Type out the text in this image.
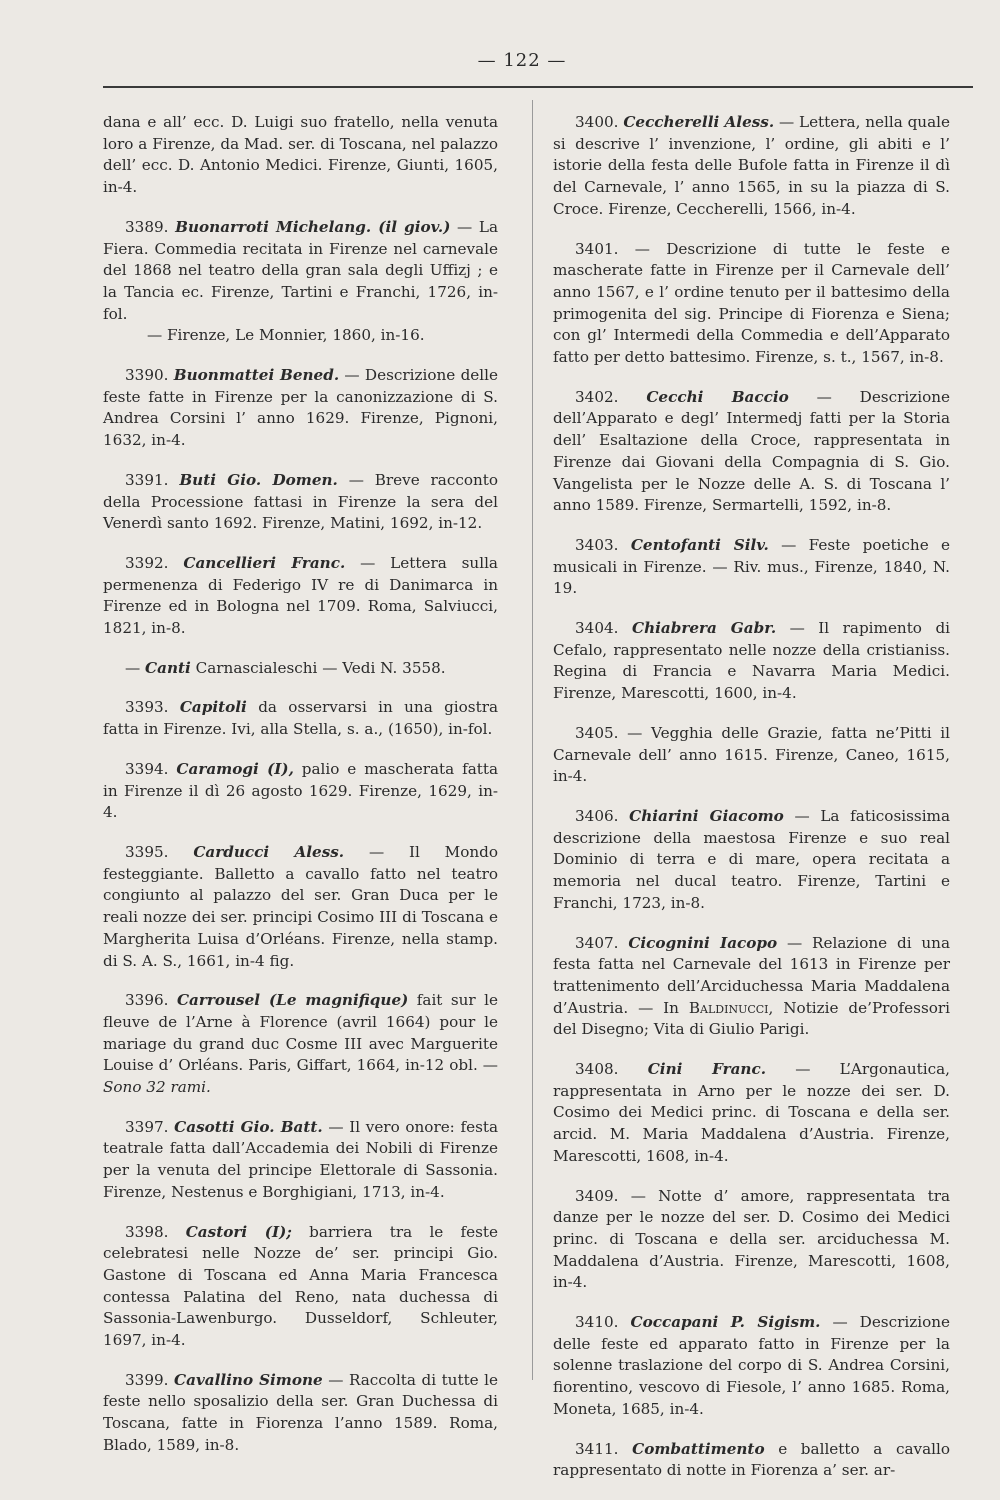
— 122 —

dana e all’ ecc. D. Luigi suo fratello, nella venuta loro a Firenze, da Mad. ser. di Toscana, nel palazzo dell’ ecc. D. Antonio Medici. Firenze, Giunti, 1605, in-4.

3389. Buonarroti Michelang. (il giov.) — La Fiera. Commedia recitata in Firenze nel carnevale del 1868 nel teatro della gran sala degli Uffizj ; e la Tancia ec. Firenze, Tartini e Franchi, 1726, in-fol.
— Firenze, Le Monnier, 1860, in-16.

3390. Buonmattei Bened. — Descrizione delle feste fatte in Firenze per la canonizzazione di S. Andrea Corsini l’ anno 1629. Firenze, Pignoni, 1632, in-4.

3391. Buti Gio. Domen. — Breve racconto della Processione fattasi in Firenze la sera del Venerdì santo 1692. Firenze, Matini, 1692, in-12.

3392. Cancellieri Franc. — Lettera sulla permenenza di Federigo IV re di Danimarca in Firenze ed in Bologna nel 1709. Roma, Salviucci, 1821, in-8.

— Canti Carnascialeschi — Vedi N. 3558.

3393. Capitoli da osservarsi in una giostra fatta in Firenze. Ivi, alla Stella, s. a., (1650), in-fol.

3394. Caramogi (I), palio e mascherata fatta in Firenze il dì 26 agosto 1629. Firenze, 1629, in-4.

3395. Carducci Aless. — Il Mondo festeggiante. Balletto a cavallo fatto nel teatro congiunto al palazzo del ser. Gran Duca per le reali nozze dei ser. principi Cosimo III di Toscana e Margherita Luisa d’Orléans. Firenze, nella stamp. di S. A. S., 1661, in-4 fig.

3396. Carrousel (Le magnifique) fait sur le fleuve de l’Arne à Florence (avril 1664) pour le mariage du grand duc Cosme III avec Marguerite Louise d’ Orléans. Paris, Giffart, 1664, in-12 obl. — Sono 32 rami.

3397. Casotti Gio. Batt. — Il vero onore: festa teatrale fatta dall’Accademia dei Nobili di Firenze per la venuta del principe Elettorale di Sassonia. Firenze, Nestenus e Borghigiani, 1713, in-4.

3398. Castori (I); barriera tra le feste celebratesi nelle Nozze de’ ser. principi Gio. Gastone di Toscana ed Anna Maria Francesca contessa Palatina del Reno, nata duchessa di Sassonia-Lawenburgo. Dusseldorf, Schleuter, 1697, in-4.

3399. Cavallino Simone — Raccolta di tutte le feste nello sposalizio della ser. Gran Duchessa di Toscana, fatte in Fiorenza l’anno 1589. Roma, Blado, 1589, in-8.

3400. Ceccherelli Aless. — Lettera, nella quale si descrive l’ invenzione, l’ ordine, gli abiti e l’ istorie della festa delle Bufole fatta in Firenze il dì del Carnevale, l’ anno 1565, in su la piazza di S. Croce. Firenze, Ceccherelli, 1566, in-4.

3401. — Descrizione di tutte le feste e mascherate fatte in Firenze per il Carnevale dell’ anno 1567, e l’ ordine tenuto per il battesimo della primogenita del sig. Principe di Fiorenza e Siena; con gl’ Intermedi della Commedia e dell’Apparato fatto per detto battesimo. Firenze, s. t., 1567, in-8.

3402. Cecchi Baccio — Descrizione dell’Apparato e degl’ Intermedj fatti per la Storia dell’ Esaltazione della Croce, rappresentata in Firenze dai Giovani della Compagnia di S. Gio. Vangelista per le Nozze delle A. S. di Toscana l’ anno 1589. Firenze, Sermartelli, 1592, in-8.

3403. Centofanti Silv. — Feste poetiche e musicali in Firenze. — Riv. mus., Firenze, 1840, N. 19.

3404. Chiabrera Gabr. — Il rapimento di Cefalo, rappresentato nelle nozze della cristianiss. Regina di Francia e Navarra Maria Medici. Firenze, Marescotti, 1600, in-4.

3405. — Vegghia delle Grazie, fatta ne’Pitti il Carnevale dell’ anno 1615. Firenze, Caneo, 1615, in-4.

3406. Chiarini Giacomo — La faticosissima descrizione della maestosa Firenze e suo real Dominio di terra e di mare, opera recitata a memoria nel ducal teatro. Firenze, Tartini e Franchi, 1723, in-8.

3407. Cicognini Iacopo — Relazione di una festa fatta nel Carnevale del 1613 in Firenze per trattenimento dell’Arciduchessa Maria Maddalena d’Austria. — In Baldinucci, Notizie de’Professori del Disegno; Vita di Giulio Parigi.

3408. Cini Franc. — L’Argonautica, rappresentata in Arno per le nozze dei ser. D. Cosimo dei Medici princ. di Toscana e della ser. arcid. M. Maria Maddalena d’Austria. Firenze, Marescotti, 1608, in-4.

3409. — Notte d’ amore, rappresentata tra danze per le nozze del ser. D. Cosimo dei Medici princ. di Toscana e della ser. arciduchessa M. Maddalena d’Austria. Firenze, Marescotti, 1608, in-4.

3410. Coccapani P. Sigism. — Descrizione delle feste ed apparato fatto in Firenze per la solenne traslazione del corpo di S. Andrea Corsini, fiorentino, vescovo di Fiesole, l’ anno 1685. Roma, Moneta, 1685, in-4.

3411. Combattimento e balletto a cavallo rappresentato di notte in Fiorenza a’ ser. ar-
